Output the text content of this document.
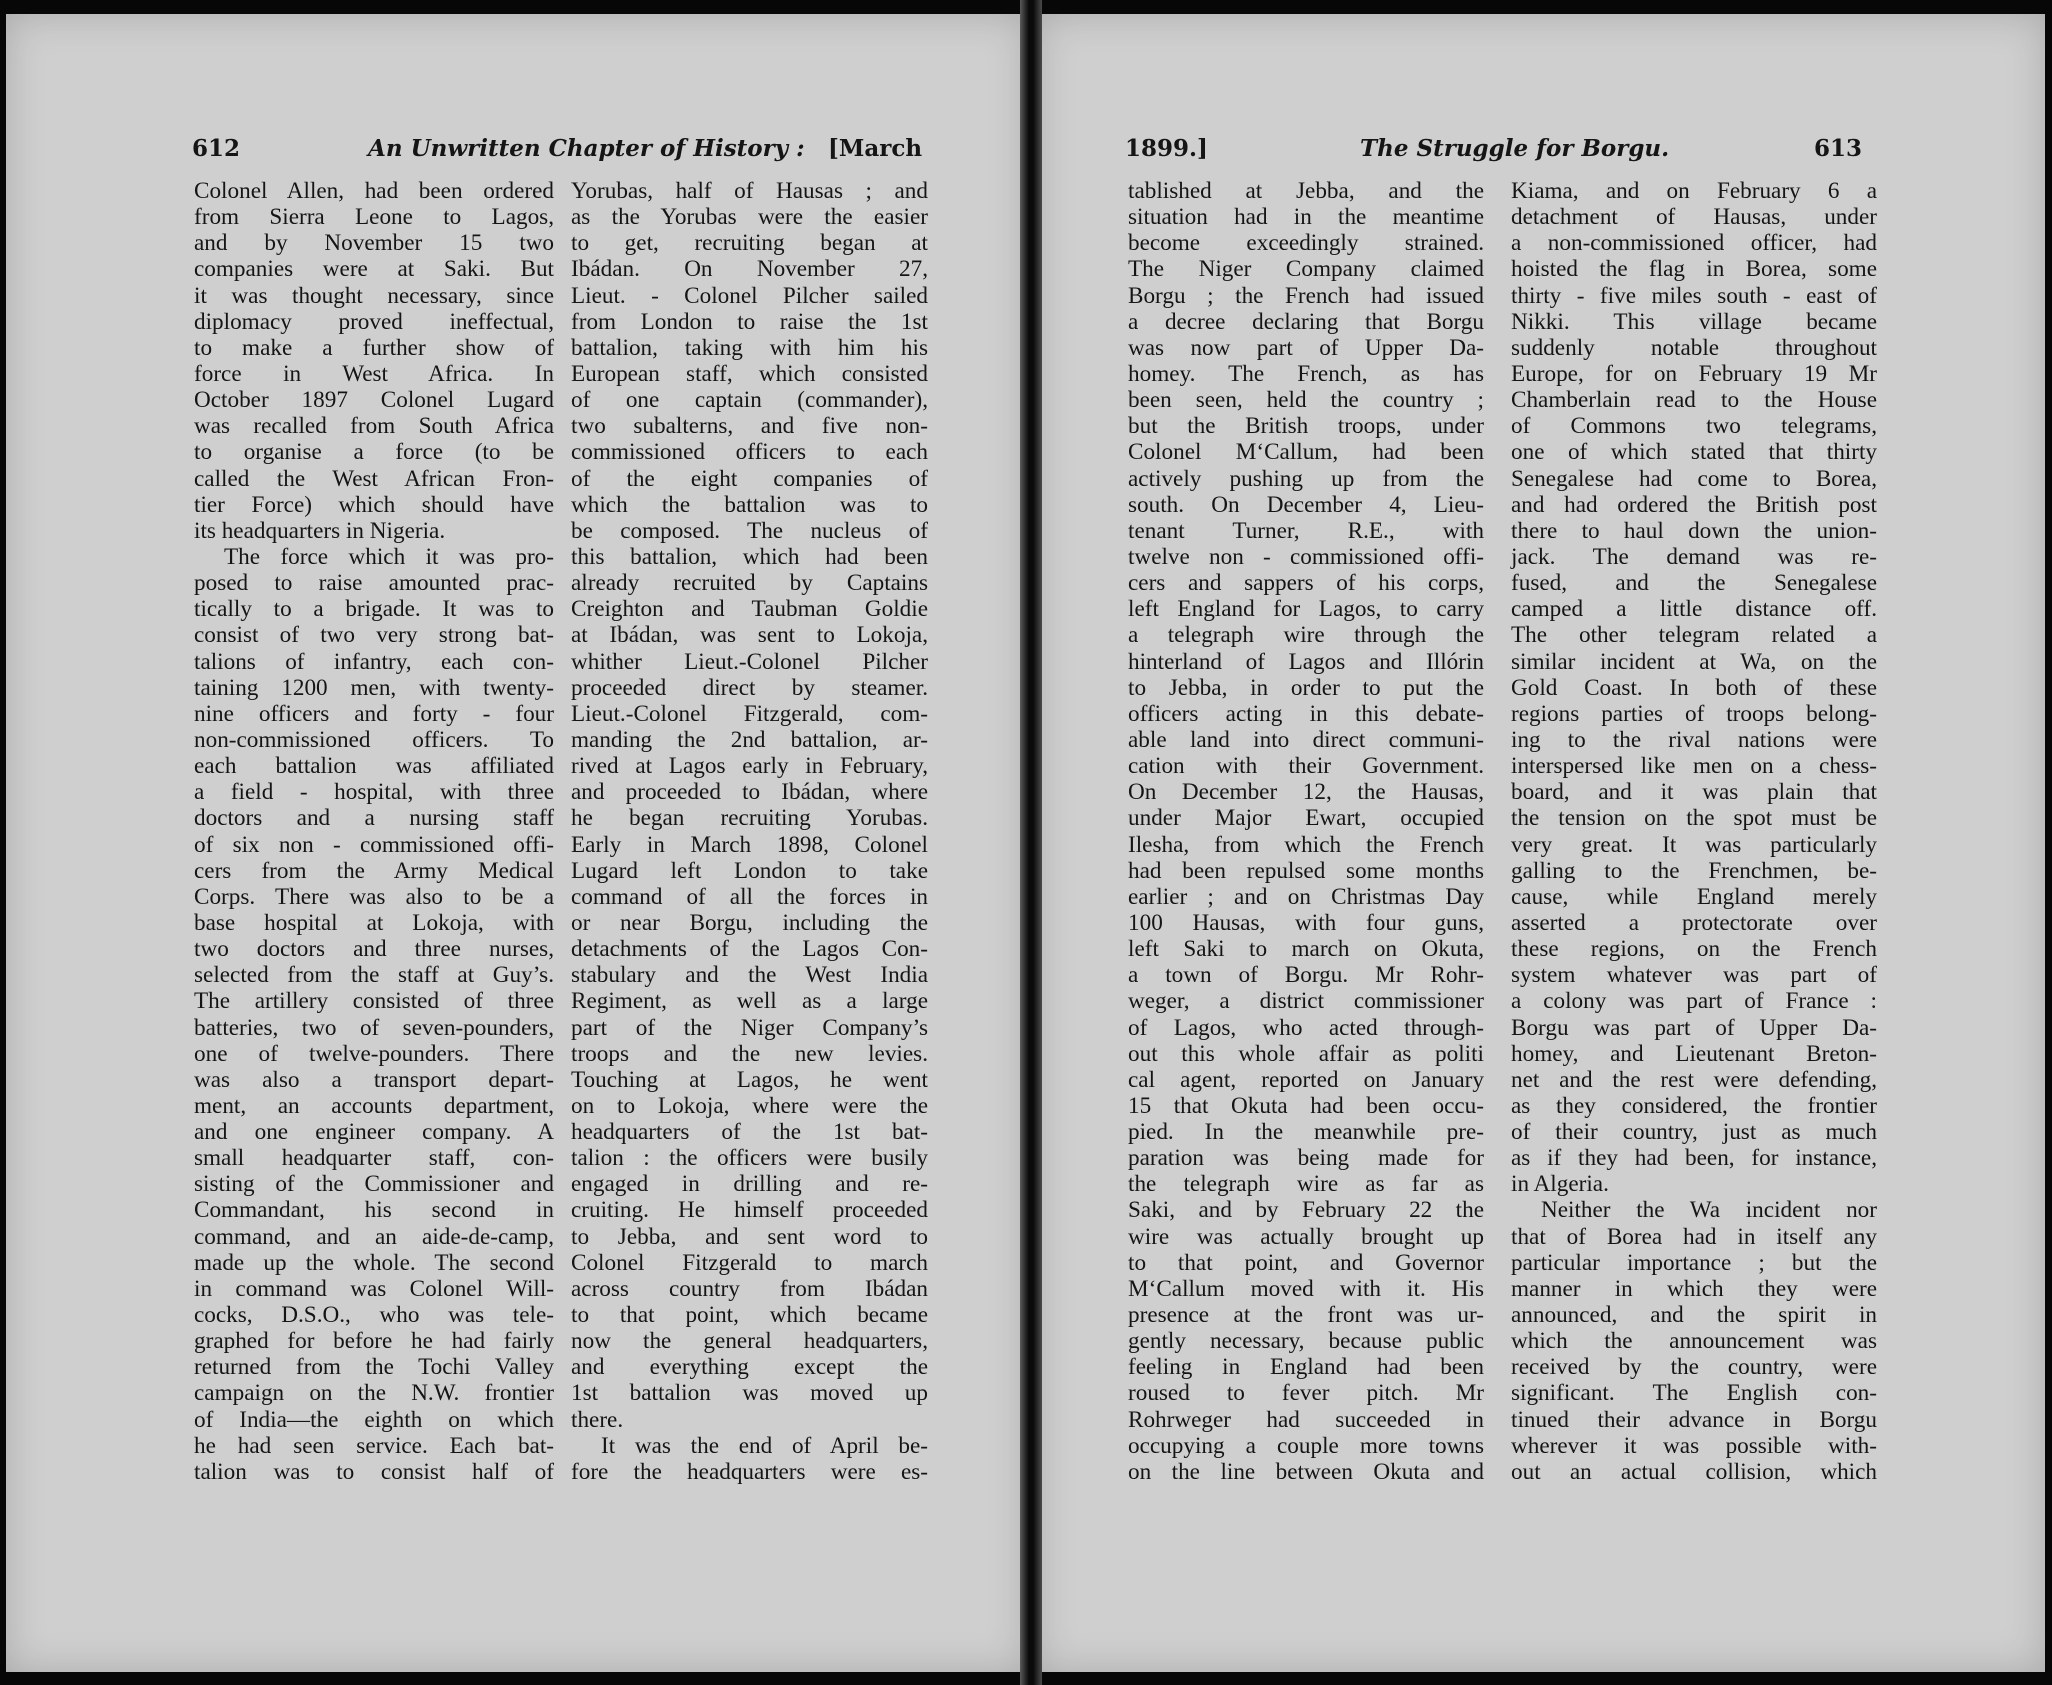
612	An Unwritten Chapter of History : [March
Colonel Allen, had been ordered
from Sierra Leone to Lagos,
and by November 15 two
companies were at Saki. But
it was thought necessary, since
diplomacy proved ineffectual,
to make a further show of
force in West Africa. In
October 1897 Colonel Lugard
was recalled from South Africa
to organise a force (to be
called the West African Fron-
tier Force) which should have
its headquarters in Nigeria.
The force which it was pro-
posed to raise amounted prac-
tically to a brigade. It was to
consist of two very strong bat-
talions of infantry, each con-
taining 1200 men, with twenty-
nine officers and forty - four
non-commissioned officers. To
each battalion was affiliated
a field - hospital, with three
doctors and a nursing staff
of six non - commissioned offi-
cers from the Army Medical
Corps. There was also to be a
base hospital at Lokoja, with
two doctors and three nurses,
selected from the staff at Guy’s.
The artillery consisted of three
batteries, two of seven-pounders,
one of twelve-pounders. There
was also a transport depart-
ment, an accounts department,
and one engineer company. A
small headquarter staff, con-
sisting of the Commissioner and
Commandant, his second in
command, and an aide-de-camp,
made up the whole. The second
in command was Colonel Will-
cocks, D.S.O., who was tele-
graphed for before he had fairly
returned from the Tochi Valley
campaign on the N.W. frontier
of India—the eighth on which
he had seen service. Each bat-
talion was to consist half of
Yorubas, half of Hausas ; and
as the Yorubas were the easier
to get, recruiting began at
Ibádan. On November 27,
Lieut. - Colonel Pilcher sailed
from London to raise the 1st
battalion, taking with him his
European staff, which consisted
of one captain (commander),
two subalterns, and five non-
commissioned officers to each
of the eight companies of
which the battalion was to
be composed. The nucleus of
this battalion, which had been
already recruited by Captains
Creighton and Taubman Goldie
at Ibádan, was sent to Lokoja,
whither Lieut.-Colonel Pilcher
proceeded direct by steamer.
Lieut.-Colonel Fitzgerald, com-
manding the 2nd battalion, ar-
rived at Lagos early in February,
and proceeded to Ibádan, where
he began recruiting Yorubas.
Early in March 1898, Colonel
Lugard left London to take
command of all the forces in
or near Borgu, including the
detachments of the Lagos Con-
stabulary and the West India
Regiment, as well as a large
part of the Niger Company’s
troops and the new levies.
Touching at Lagos, he went
on to Lokoja, where were the
headquarters of the 1st bat-
talion : the officers were busily
engaged in drilling and re-
cruiting. He himself proceeded
to Jebba, and sent word to
Colonel Fitzgerald to march
across country from Ibádan
to that point, which became
now the general headquarters,
and everything except the
1st battalion was moved up
there.
It was the end of April be-
fore the headquarters were es-
1899.]	The Struggle for Borgu.	613
tablished at Jebba, and the
situation had in the meantime
become exceedingly strained.
The Niger Company claimed
Borgu ; the French had issued
a decree declaring that Borgu
was now part of Upper Da-
homey. The French, as has
been seen, held the country ;
but the British troops, under
Colonel M‘Callum, had been
actively pushing up from the
south. On December 4, Lieu-
tenant Turner, R.E., with
twelve non - commissioned offi-
cers and sappers of his corps,
left England for Lagos, to carry
a telegraph wire through the
hinterland of Lagos and Illórin
to Jebba, in order to put the
officers acting in this debate-
able land into direct communi-
cation with their Government.
On December 12, the Hausas,
under Major Ewart, occupied
Ilesha, from which the French
had been repulsed some months
earlier ; and on Christmas Day
100 Hausas, with four guns,
left Saki to march on Okuta,
a town of Borgu. Mr Rohr-
weger, a district commissioner
of Lagos, who acted through-
out this whole affair as politi
cal agent, reported on January
15 that Okuta had been occu-
pied. In the meanwhile pre-
paration was being made for
the telegraph wire as far as
Saki, and by February 22 the
wire was actually brought up
to that point, and Governor
M‘Callum moved with it. His
presence at the front was ur-
gently necessary, because public
feeling in England had been
roused to fever pitch. Mr
Rohrweger had succeeded in
occupying a couple more towns
on the line between Okuta and
Kiama, and on February 6 a
detachment of Hausas, under
a non-commissioned officer, had
hoisted the flag in Borea, some
thirty - five miles south - east of
Nikki. This village became
suddenly notable throughout
Europe, for on February 19 Mr
Chamberlain read to the House
of Commons two telegrams,
one of which stated that thirty
Senegalese had come to Borea,
and had ordered the British post
there to haul down the union-
jack. The demand was re-
fused, and the Senegalese
camped a little distance off.
The other telegram related a
similar incident at Wa, on the
Gold Coast. In both of these
regions parties of troops belong-
ing to the rival nations were
interspersed like men on a chess-
board, and it was plain that
the tension on the spot must be
very great. It was particularly
galling to the Frenchmen, be-
cause, while England merely
asserted a protectorate over
these regions, on the French
system whatever was part of
a colony was part of France :
Borgu was part of Upper Da-
homey, and Lieutenant Breton-
net and the rest were defending,
as they considered, the frontier
of their country, just as much
as if they had been, for instance,
in Algeria.
Neither the Wa incident nor
that of Borea had in itself any
particular importance ; but the
manner in which they were
announced, and the spirit in
which the announcement was
received by the country, were
significant. The English con-
tinued their advance in Borgu
wherever it was possible with-
out an actual collision, which
